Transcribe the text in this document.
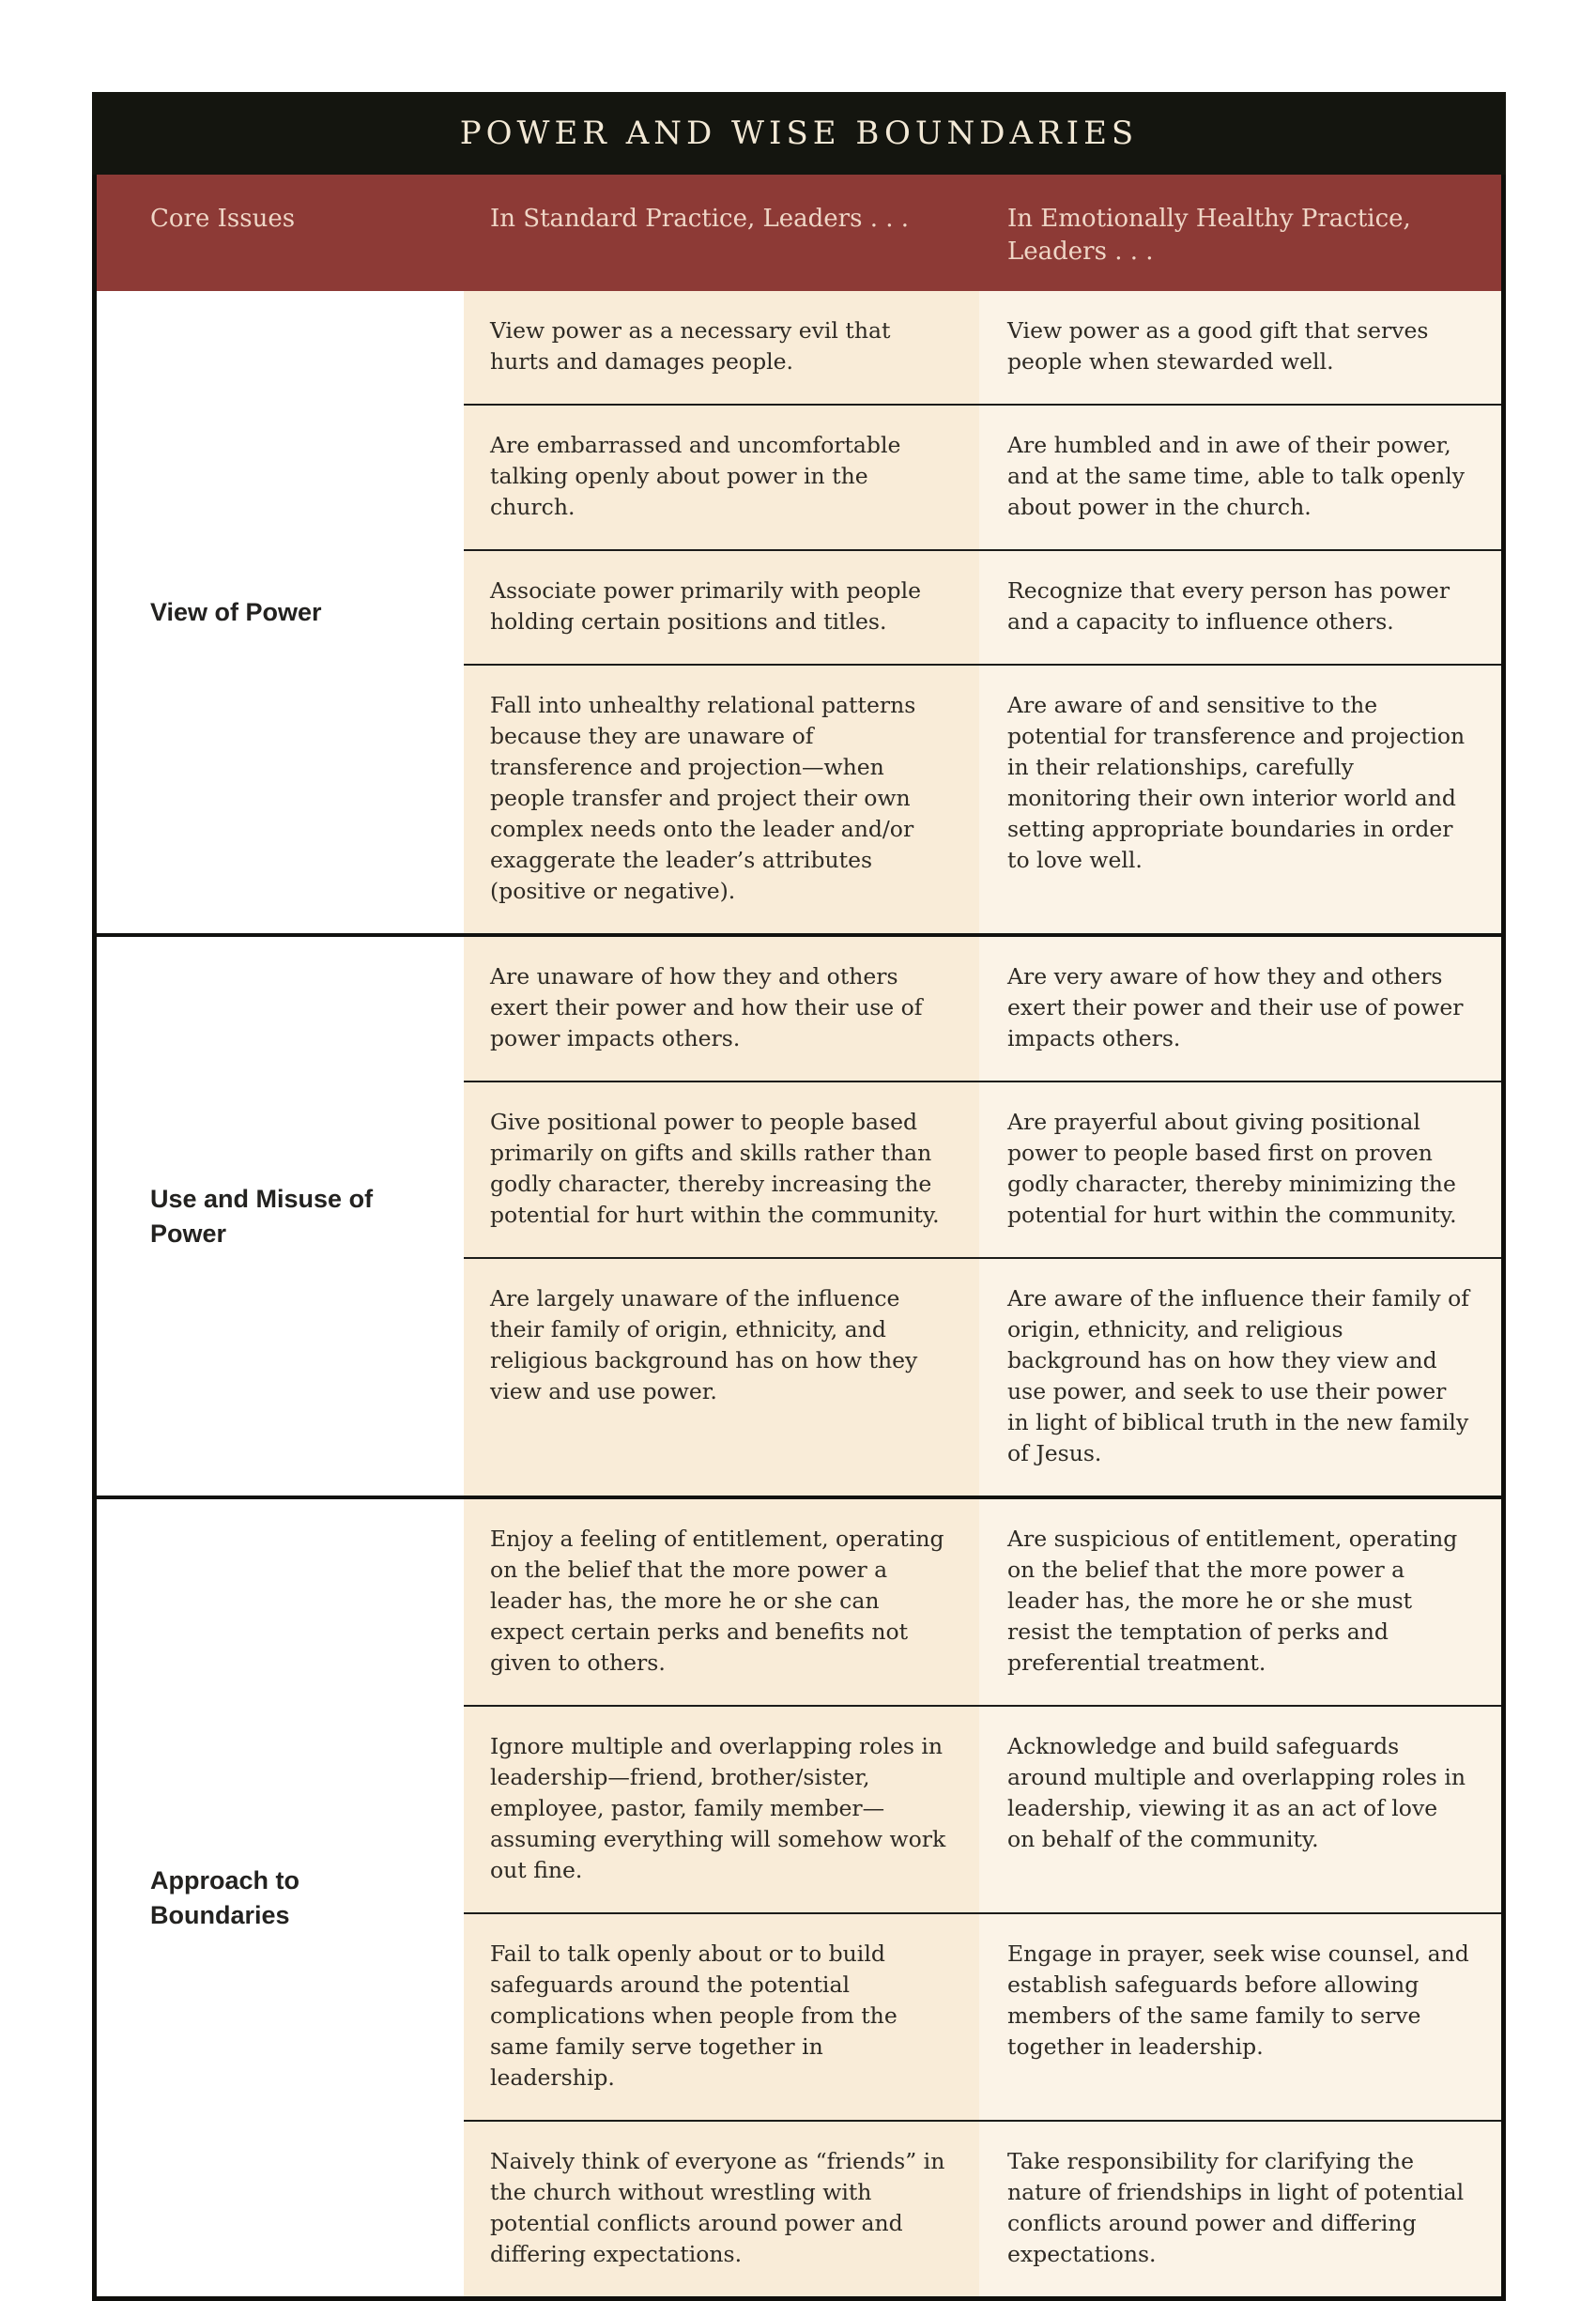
POWER AND WISE BOUNDARIES
Core Issues	In Standard Practice, Leaders . . .	In Emotionally Healthy Practice, Leaders . . .
View of Power
View power as a necessary evil that hurts and damages people.
View power as a good gift that serves people when stewarded well.
Are embarrassed and uncomfortable talking openly about power in the church.
Are humbled and in awe of their power, and at the same time, able to talk openly about power in the church.
Associate power primarily with people holding certain positions and titles.
Recognize that every person has power and a capacity to influence others.
Fall into unhealthy relational patterns because they are unaware of transference and projection—when people transfer and project their own complex needs onto the leader and/or exaggerate the leader’s attributes (positive or negative).
Are aware of and sensitive to the potential for transference and projection in their relationships, carefully monitoring their own interior world and setting appropriate boundaries in order to love well.
Use and Misuse of Power
Are unaware of how they and others exert their power and how their use of power impacts others.
Are very aware of how they and others exert their power and their use of power impacts others.
Give positional power to people based primarily on gifts and skills rather than godly character, thereby increasing the potential for hurt within the community.
Are prayerful about giving positional power to people based first on proven godly character, thereby minimizing the potential for hurt within the community.
Are largely unaware of the influence their family of origin, ethnicity, and religious background has on how they view and use power.
Are aware of the influence their family of origin, ethnicity, and religious background has on how they view and use power, and seek to use their power in light of biblical truth in the new family of Jesus.
Approach to Boundaries
Enjoy a feeling of entitlement, operating on the belief that the more power a leader has, the more he or she can expect certain perks and benefits not given to others.
Are suspicious of entitlement, operating on the belief that the more power a leader has, the more he or she must resist the temptation of perks and preferential treatment.
Ignore multiple and overlapping roles in leadership—friend, brother/sister, employee, pastor, family member—assuming everything will somehow work out fine.
Acknowledge and build safeguards around multiple and overlapping roles in leadership, viewing it as an act of love on behalf of the community.
Fail to talk openly about or to build safeguards around the potential complications when people from the same family serve together in leadership.
Engage in prayer, seek wise counsel, and establish safeguards before allowing members of the same family to serve together in leadership.
Naively think of everyone as “friends” in the church without wrestling with potential conflicts around power and differing expectations.
Take responsibility for clarifying the nature of friendships in light of potential conflicts around power and differing expectations.
